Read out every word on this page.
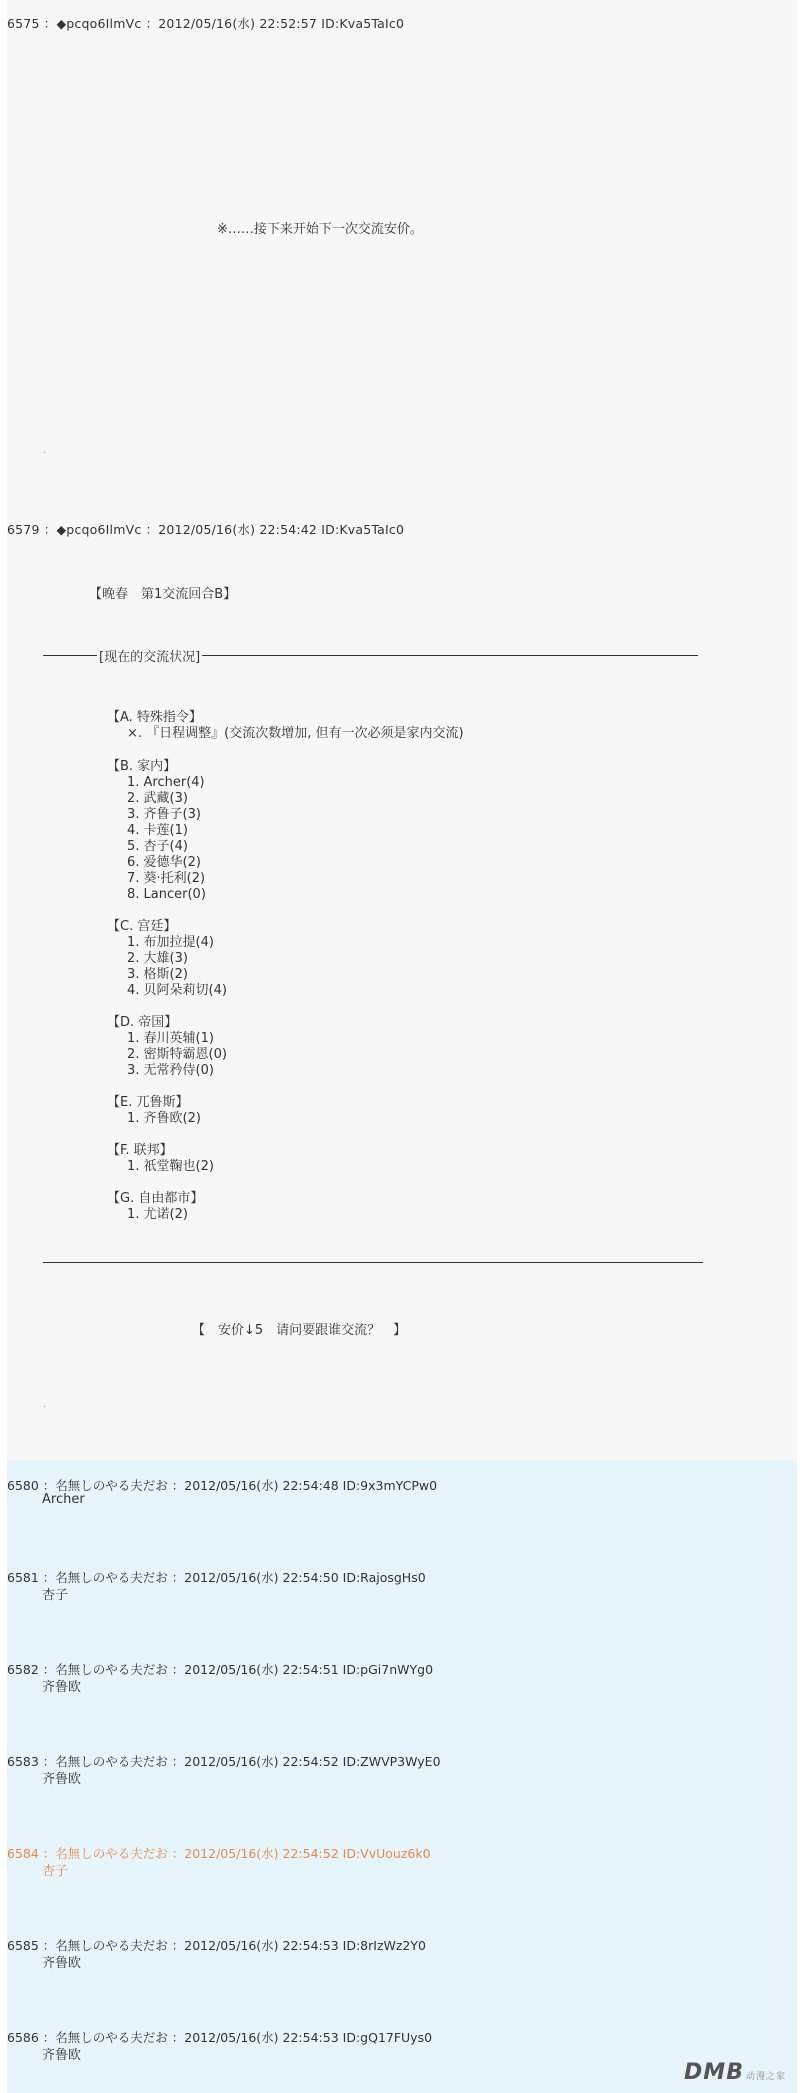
6575 ：◆pcqo6IlmVc ：2012/05/16(水) 22:52:57 ID:Kva5TaIc0
※……接下来开始下一次交流安价。
.
6579 ：◆pcqo6IlmVc ：2012/05/16(水) 22:54:42 ID:Kva5TaIc0
【晚春　第1交流回合B】
[现在的交流状况]
【A. 特殊指令】
×. 『日程调整』(交流次数增加, 但有一次必须是家内交流)
【B. 家内】
1. Archer(4)
2. 武藏(3)
3. 齐鲁子(3)
4. 卡莲(1)
5. 杏子(4)
6. 爱德华(2)
7. 葵·托利(2)
8. Lancer(0)
【C. 宫廷】
1. 布加拉提(4)
2. 大雄(3)
3. 格斯(2)
4. 贝阿朵莉切(4)
【D. 帝国】
1. 春川英辅(1)
2. 密斯特霸恩(0)
3. 无常矜侍(0)
【E. 兀鲁斯】
1. 齐鲁欧(2)
【F. 联邦】
1. 祇堂鞠也(2)
【G. 自由都市】
1. 尤诺(2)
【　安价↓5　请问要跟谁交流？　】
.
6580 ：名無しのやる夫だお ：2012/05/16(水) 22:54:48 ID:9x3mYCPw0
Archer
6581 ：名無しのやる夫だお ：2012/05/16(水) 22:54:50 ID:RajosgHs0
杏子
6582 ：名無しのやる夫だお ：2012/05/16(水) 22:54:51 ID:pGi7nWYg0
齐鲁欧
6583 ：名無しのやる夫だお ：2012/05/16(水) 22:54:52 ID:ZWVP3WyE0
齐鲁欧
6584 ：名無しのやる夫だお ：2012/05/16(水) 22:54:52 ID:VvUouz6k0
杏子
6585 ：名無しのやる夫だお ：2012/05/16(水) 22:54:53 ID:8rIzWz2Y0
齐鲁欧
6586 ：名無しのやる夫だお ：2012/05/16(水) 22:54:53 ID:gQ17FUys0
齐鲁欧
DMB 动漫之家
